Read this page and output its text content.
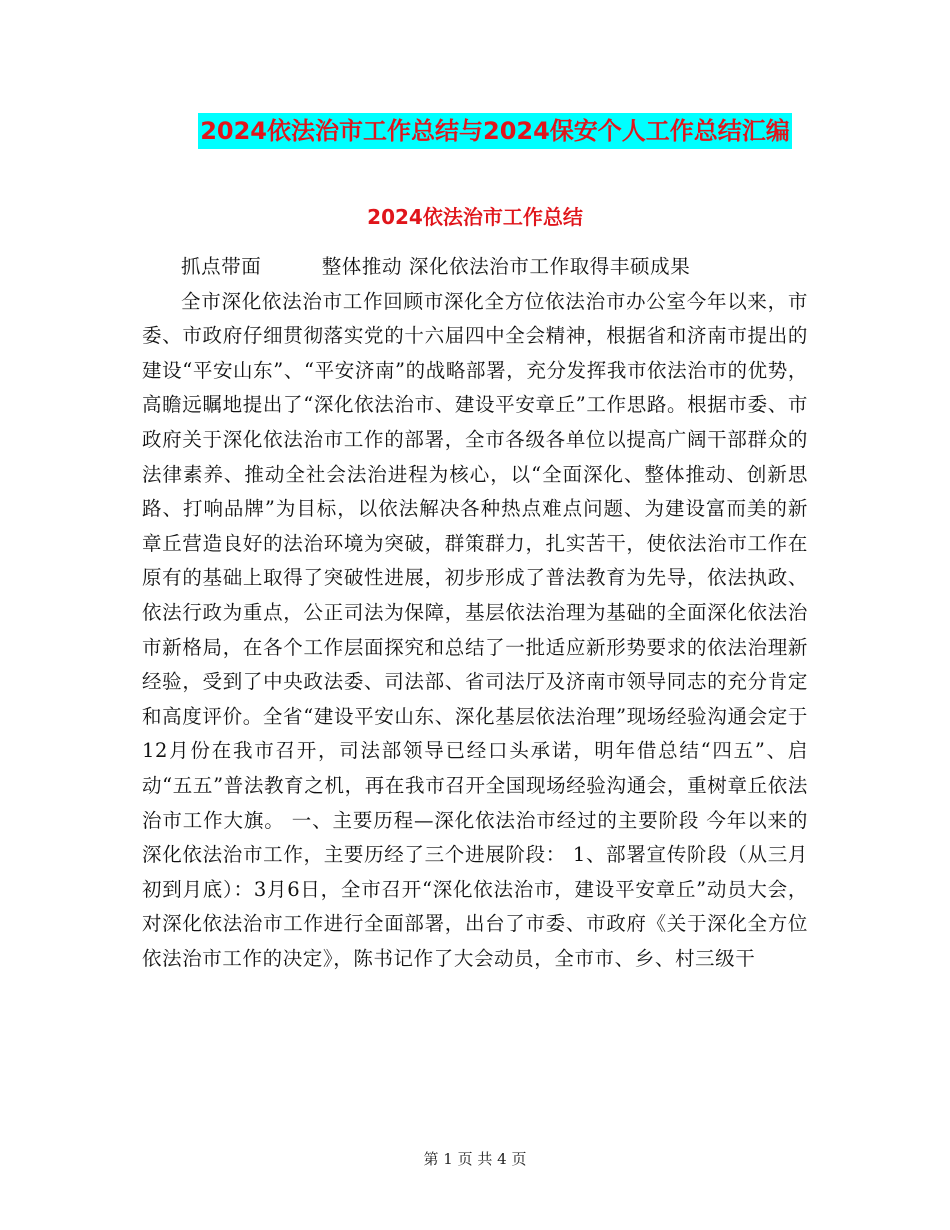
2024依法治市工作总结与2024保安个人工作总结汇编
2024依法治市工作总结

抓点带面　　　整体推动 深化依法治市工作取得丰硕成果

全市深化依法治市工作回顾市深化全方位依法治市办公室今年以来，市委、市政府仔细贯彻落实党的十六届四中全会精神，根据省和济南市提出的建设“平安山东”、“平安济南”的战略部署，充分发挥我市依法治市的优势，高瞻远瞩地提出了“深化依法治市、建设平安章丘”工作思路。根据市委、市政府关于深化依法治市工作的部署，全市各级各单位以提高广阔干部群众的法律素养、推动全社会法治进程为核心，以“全面深化、整体推动、创新思路、打响品牌”为目标，以依法解决各种热点难点问题、为建设富而美的新章丘营造良好的法治环境为突破，群策群力，扎实苦干，使依法治市工作在原有的基础上取得了突破性进展，初步形成了普法教育为先导，依法执政、依法行政为重点，公正司法为保障，基层依法治理为基础的全面深化依法治市新格局，在各个工作层面探究和总结了一批适应新形势要求的依法治理新经验，受到了中央政法委、司法部、省司法厅及济南市领导同志的充分肯定和高度评价。全省“建设平安山东、深化基层依法治理”现场经验沟通会定于12月份在我市召开，司法部领导已经口头承诺，明年借总结“四五”、启动“五五”普法教育之机，再在我市召开全国现场经验沟通会，重树章丘依法治市工作大旗。 一、主要历程—深化依法治市经过的主要阶段 今年以来的深化依法治市工作，主要历经了三个进展阶段： 1、部署宣传阶段（从三月初到月底）：3月6日，全市召开“深化依法治市，建设平安章丘”动员大会，对深化依法治市工作进行全面部署，出台了市委、市政府《关于深化全方位依法治市工作的决定》，陈书记作了大会动员，全市市、乡、村三级干

第 1 页 共 4 页
